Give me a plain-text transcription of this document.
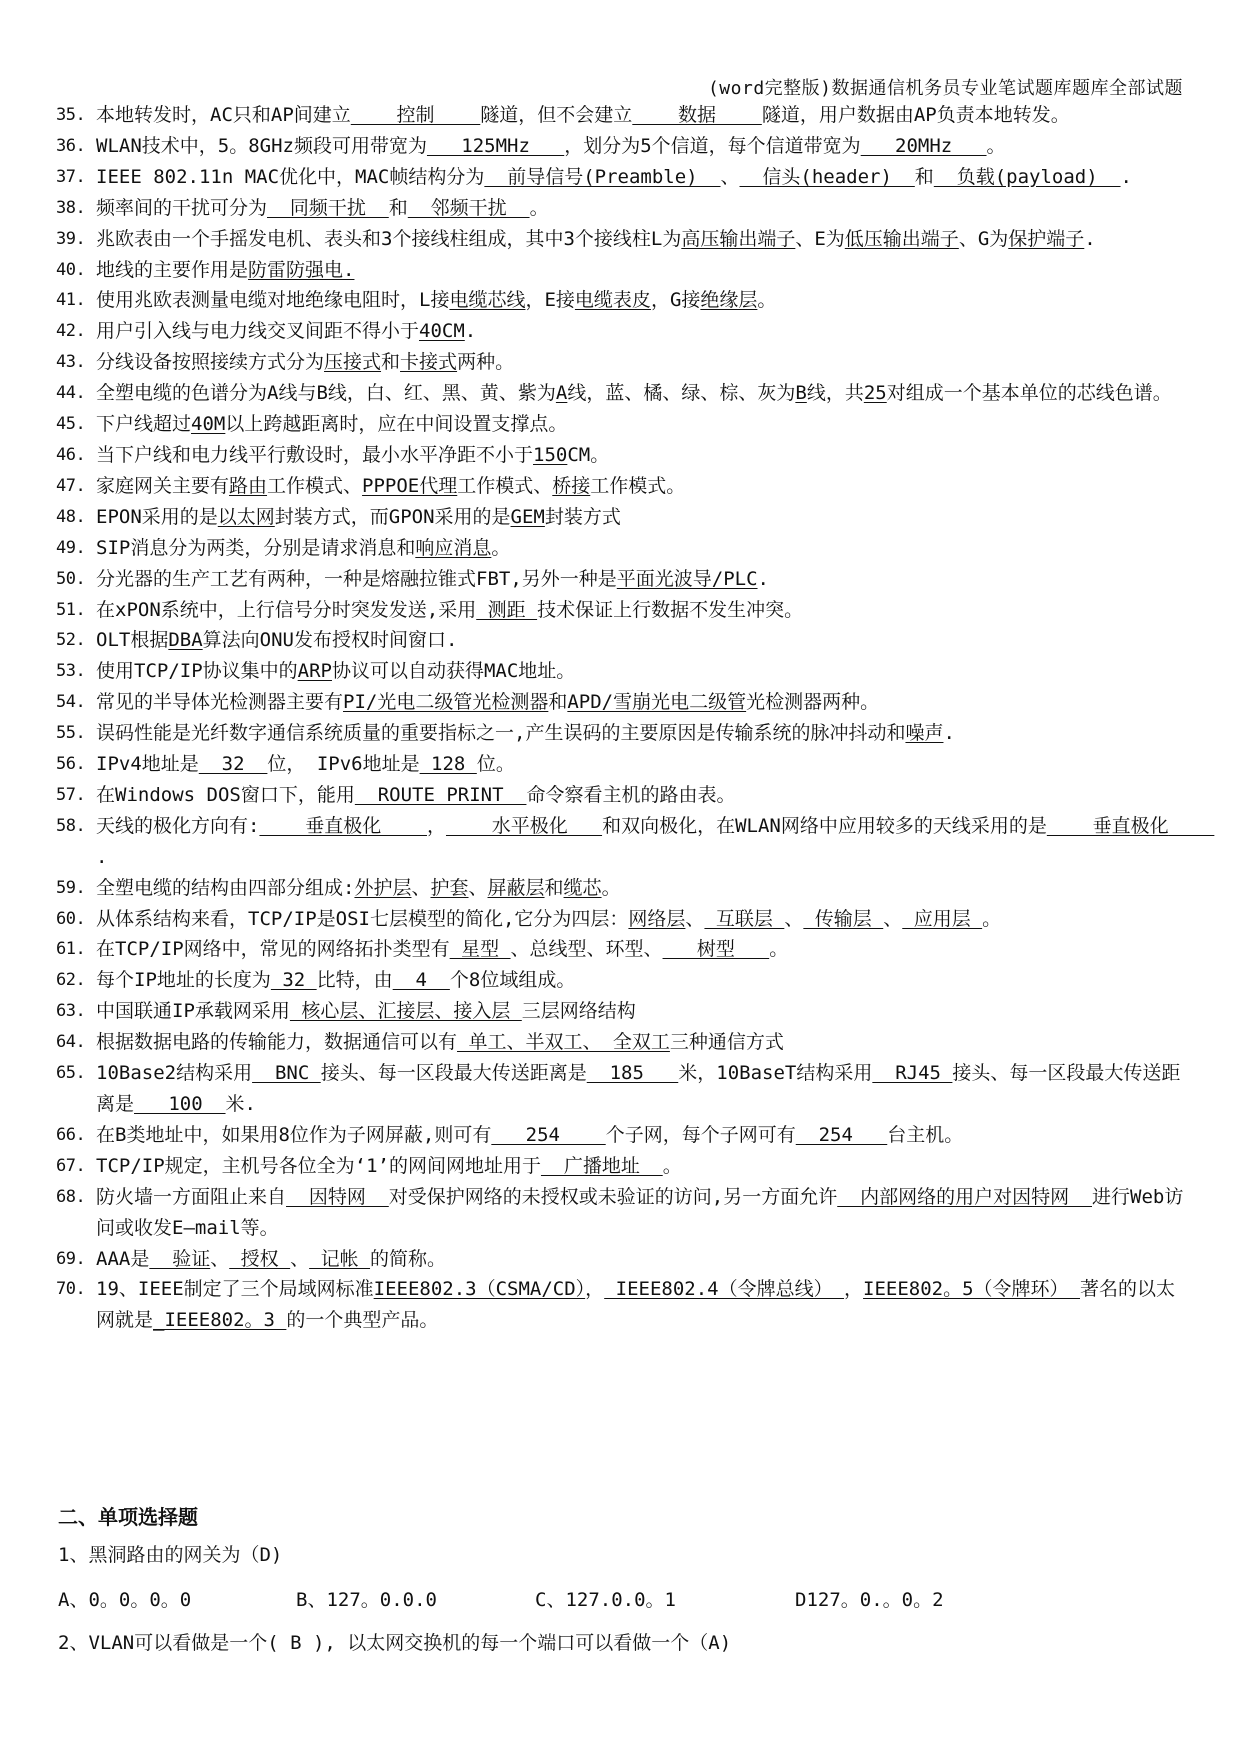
(word完整版)数据通信机务员专业笔试题库题库全部试题
35. 本地转发时，AC只和AP间建立    控制    隧道，但不会建立    数据    隧道，用户数据由AP负责本地转发。
36. WLAN技术中，5。8GHz频段可用带宽为   125MHz   ，划分为5个信道，每个信道带宽为   20MHz   。
37. IEEE 802.11n MAC优化中，MAC帧结构分为  前导信号(Preamble)  、  信头(header)  和  负载(payload)  .
38. 频率间的干扰可分为  同频干扰  和  邻频干扰  。
39. 兆欧表由一个手摇发电机、表头和3个接线柱组成，其中3个接线柱L为高压输出端子、E为低压输出端子、G为保护端子.
40. 地线的主要作用是防雷防强电.
41. 使用兆欧表测量电缆对地绝缘电阻时，L接电缆芯线，E接电缆表皮，G接绝缘层。
42. 用户引入线与电力线交叉间距不得小于40CM.
43. 分线设备按照接续方式分为压接式和卡接式两种。
44. 全塑电缆的色谱分为A线与B线，白、红、黑、黄、紫为A线，蓝、橘、绿、棕、灰为B线，共25对组成一个基本单位的芯线色谱。
45. 下户线超过40M以上跨越距离时，应在中间设置支撑点。
46. 当下户线和电力线平行敷设时，最小水平净距不小于150CM。
47. 家庭网关主要有路由工作模式、PPPOE代理工作模式、桥接工作模式。
48. EPON采用的是以太网封装方式，而GPON采用的是GEM封装方式
49. SIP消息分为两类，分别是请求消息和响应消息。
50. 分光器的生产工艺有两种，一种是熔融拉锥式FBT,另外一种是平面光波导/PLC.
51. 在xPON系统中，上行信号分时突发发送,采用 测距 技术保证上行数据不发生冲突。
52. OLT根据DBA算法向ONU发布授权时间窗口.
53. 使用TCP/IP协议集中的ARP协议可以自动获得MAC地址。
54. 常见的半导体光检测器主要有PI/光电二级管光检测器和APD/雪崩光电二级管光检测器两种。
55. 误码性能是光纤数字通信系统质量的重要指标之一,产生误码的主要原因是传输系统的脉冲抖动和噪声.
56. IPv4地址是  32  位， IPv6地址是 128 位。
57. 在Windows DOS窗口下，能用  ROUTE PRINT  命令察看主机的路由表。
58. 天线的极化方向有:    垂直极化    ，    水平极化   和双向极化，在WLAN网络中应用较多的天线采用的是    垂直极化    .
59. 全塑电缆的结构由四部分组成:外护层、护套、屏蔽层和缆芯。
60. 从体系结构来看，TCP/IP是OSI七层模型的简化,它分为四层：网络层、 互联层 、 传输层 、 应用层 。
61. 在TCP/IP网络中，常见的网络拓扑类型有 星型 、总线型、环型、   树型   。
62. 每个IP地址的长度为 32 比特，由  4  个8位域组成。
63. 中国联通IP承载网采用 核心层、汇接层、接入层 三层网络结构
64. 根据数据电路的传输能力，数据通信可以有 单工、半双工、 全双工三种通信方式
65. 10Base2结构采用  BNC 接头、每一区段最大传送距离是  185   米，10BaseT结构采用  RJ45 接头、每一区段最大传送距离是   100  米.
66. 在B类地址中，如果用8位作为子网屏蔽,则可有   254    个子网，每个子网可有  254   台主机。
67. TCP/IP规定，主机号各位全为‘1’的网间网地址用于  广播地址  。
68. 防火墙一方面阻止来自  因特网  对受保护网络的未授权或未验证的访问,另一方面允许  内部网络的用户对因特网  进行Web访问或收发E—mail等。
69. AAA是  验证、 授权 、 记帐 的简称。
70. 19、IEEE制定了三个局域网标准IEEE802.3（CSMA/CD）， IEEE802.4（令牌总线） ，IEEE802。5（令牌环） 著名的以太网就是_IEEE802。3 的一个典型产品。
二、单项选择题
1、黑洞路由的网关为（D)
A、0。0。0。0	B、127。0.0.0	C、127.0.0。1	D127。0.。0。2
2、VLAN可以看做是一个( B ), 以太网交换机的每一个端口可以看做一个（A)
